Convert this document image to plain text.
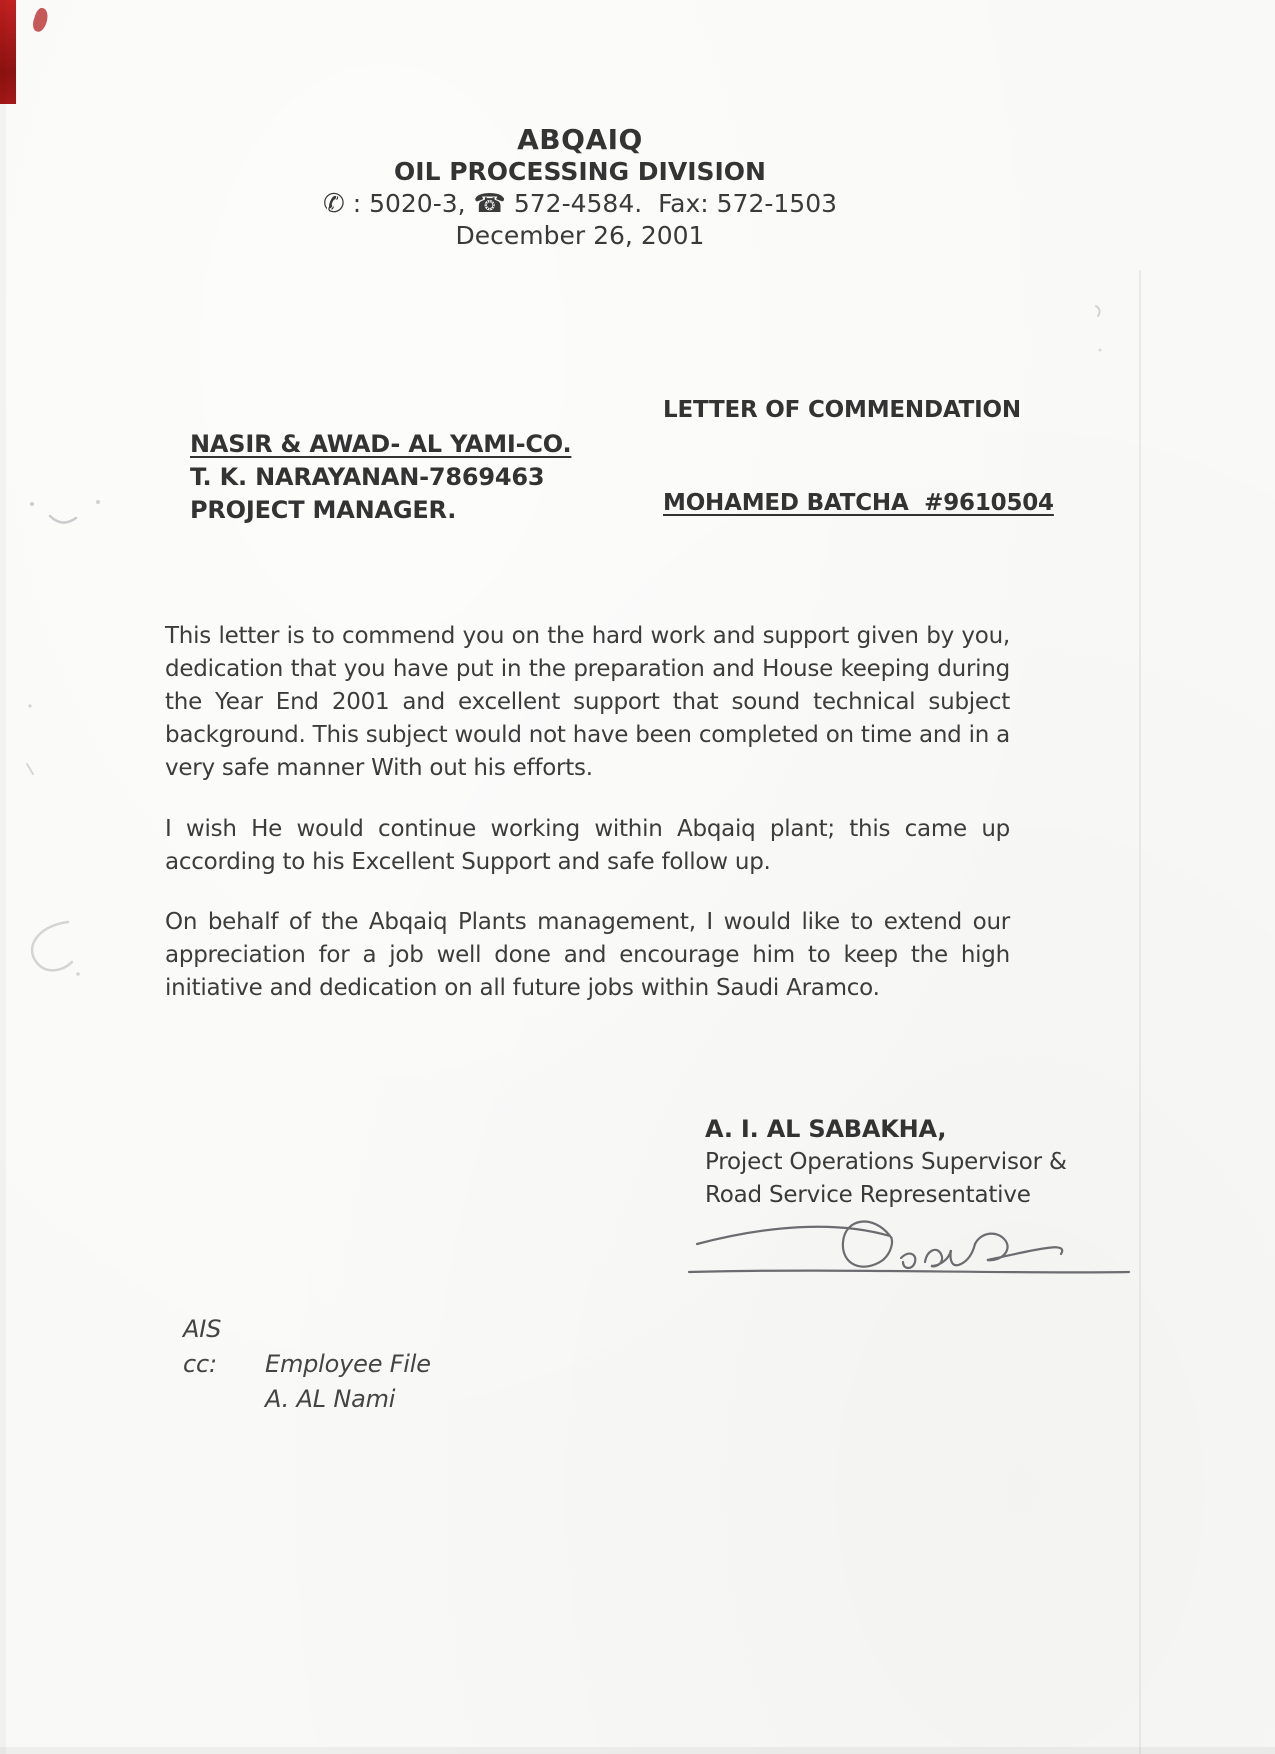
ABQAIQ
OIL PROCESSING DIVISION
✆ : 5020-3, ☎ 572-4584.  Fax: 572-1503
December 26, 2001

LETTER OF COMMENDATION

MOHAMED BATCHA  #9610504

NASIR & AWAD- AL YAMI-CO.
T. K. NARAYANAN-7869463
PROJECT MANAGER.
This letter is to commend you on the hard work and support given by you, dedication that you have put in the preparation and House keeping during the Year End 2001 and excellent support that sound technical subject background. This subject would not have been completed on time and in a very safe manner With out his efforts.
I wish He would continue working within Abqaiq plant; this came up according to his Excellent Support and safe follow up.
On behalf of the Abqaiq Plants management, I would like to extend our appreciation for a job well done and encourage him to keep the high initiative and dedication on all future jobs within Saudi Aramco.
A. I. AL SABAKHA,
Project Operations Supervisor &
Road Service Representative
AIS
cc:	Employee File
A. AL Nami
